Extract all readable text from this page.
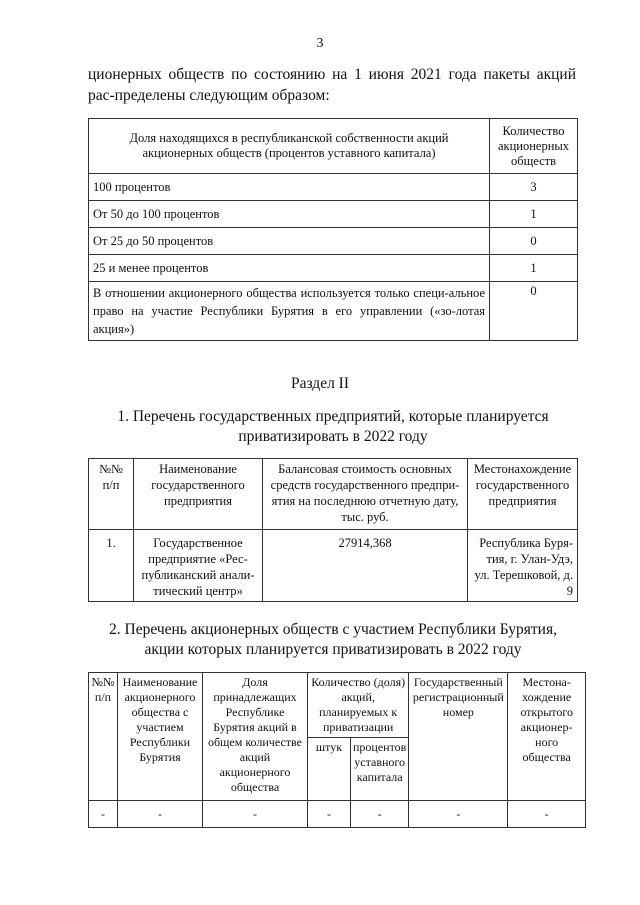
3
ционерных обществ по состоянию на 1 июня 2021 года пакеты акций рас-пределены следующим образом:
Доля находящихся в республиканской собственности акций акционерных обществ (процентов уставного капитала)	Количество акционерных обществ
100 процентов	3
От 50 до 100 процентов	1
От 25 до 50 процентов	0
25 и менее процентов	1
В отношении акционерного общества используется только специ-альное право на участие Республики Бурятия в его управлении («зо-лотая акция»)	0
Раздел II
1. Перечень государственных предприятий, которые планируется приватизировать в 2022 году
№№ п/п	Наименование государственного предприятия	Балансовая стоимость основных средств государственного предпри-ятия на последнюю отчетную дату, тыс. руб.	Местонахождение государственного предприятия
1.	Государственное предприятие «Рес-публиканский анали-тический центр»	27914,368	Республика Буря-тия, г. Улан-Удэ, ул. Терешковой, д. 9
2. Перечень акционерных обществ с участием Республики Бурятия, акции которых планируется приватизировать в 2022 году
№№ п/п	Наименование акционерного общества с участием Республики Бурятия	Доля принадлежащих Республике Бурятия акций в общем количестве акций акционерного общества	Количество (доля) акций, планируемых к приватизации		Государственный регистрационный номер	Местона-хождение открытого акционер-ного общества
			штук	процентов уставного капитала		
-	-	-	-	-	-	-
